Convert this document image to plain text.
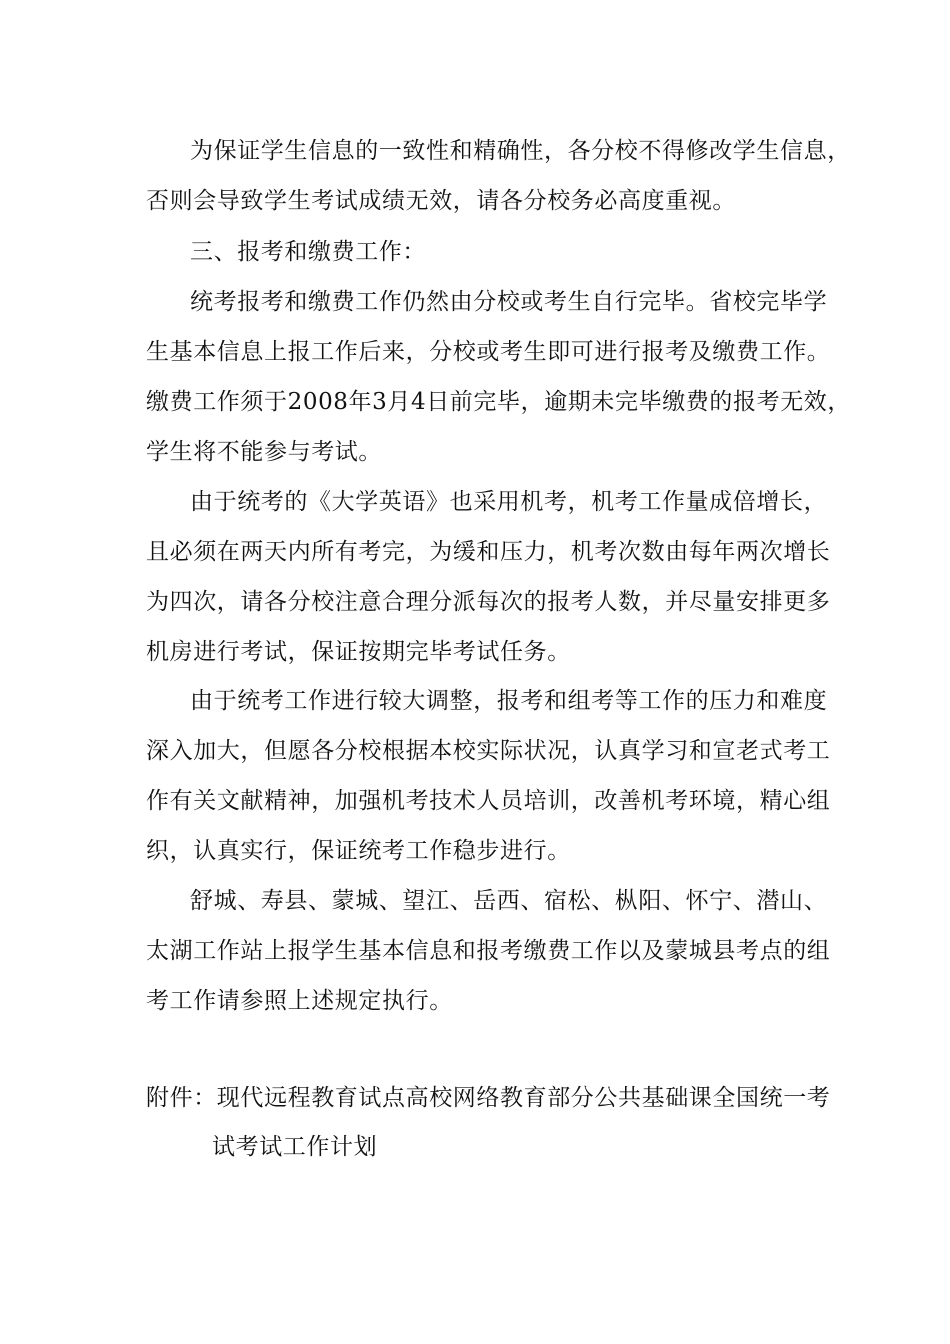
为保证学生信息的一致性和精确性，各分校不得修改学生信息，
否则会导致学生考试成绩无效，请各分校务必高度重视。
三、报考和缴费工作：
统考报考和缴费工作仍然由分校或考生自行完毕。省校完毕学
生基本信息上报工作后来，分校或考生即可进行报考及缴费工作。
缴费工作须于2008年3月4日前完毕，逾期未完毕缴费的报考无效，
学生将不能参与考试。
由于统考的《大学英语》也采用机考，机考工作量成倍增长，
且必须在两天内所有考完，为缓和压力，机考次数由每年两次增长
为四次，请各分校注意合理分派每次的报考人数，并尽量安排更多
机房进行考试，保证按期完毕考试任务。
由于统考工作进行较大调整，报考和组考等工作的压力和难度
深入加大，但愿各分校根据本校实际状况，认真学习和宣老式考工
作有关文献精神，加强机考技术人员培训，改善机考环境，精心组
织，认真实行，保证统考工作稳步进行。
舒城、寿县、蒙城、望江、岳西、宿松、枞阳、怀宁、潜山、
太湖工作站上报学生基本信息和报考缴费工作以及蒙城县考点的组
考工作请参照上述规定执行。
附件：现代远程教育试点高校网络教育部分公共基础课全国统一考
试考试工作计划
